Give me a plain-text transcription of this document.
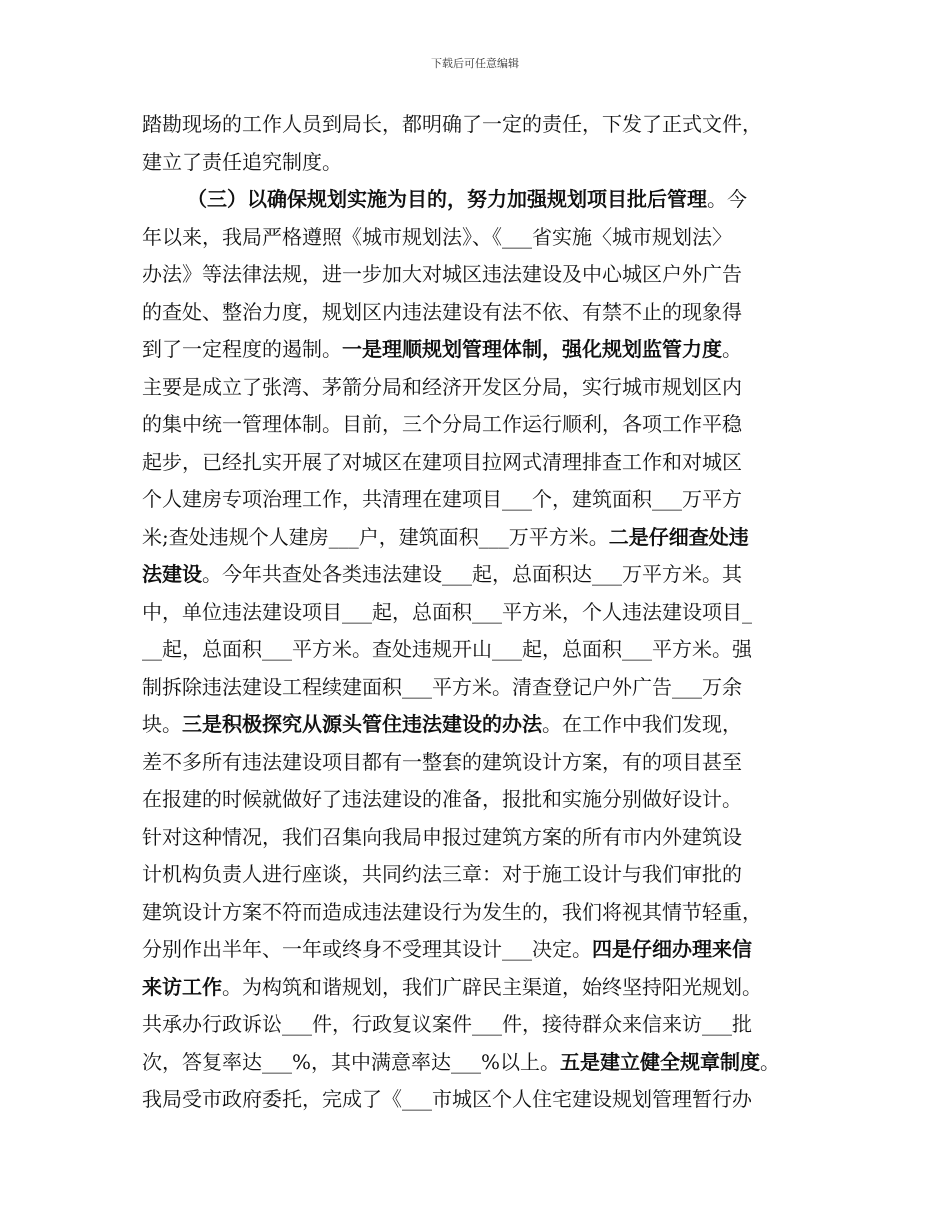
下载后可任意编辑
踏勘现场的工作人员到局长，都明确了一定的责任，下发了正式文件，
建立了责任追究制度。
（三）以确保规划实施为目的，努力加强规划项目批后管理。今
年以来，我局严格遵照《城市规划法》、《___省实施〈城市规划法〉
办法》等法律法规，进一步加大对城区违法建设及中心城区户外广告
的查处、整治力度，规划区内违法建设有法不依、有禁不止的现象得
到了一定程度的遏制。一是理顺规划管理体制，强化规划监管力度。
主要是成立了张湾、茅箭分局和经济开发区分局，实行城市规划区内
的集中统一管理体制。目前，三个分局工作运行顺利，各项工作平稳
起步，已经扎实开展了对城区在建项目拉网式清理排查工作和对城区
个人建房专项治理工作，共清理在建项目___个，建筑面积___万平方
米;查处违规个人建房___户，建筑面积___万平方米。二是仔细查处违
法建设。今年共查处各类违法建设___起，总面积达___万平方米。其
中，单位违法建设项目___起，总面积___平方米，个人违法建设项目_
__起，总面积___平方米。查处违规开山___起，总面积___平方米。强
制拆除违法建设工程续建面积___平方米。清查登记户外广告___万余
块。三是积极探究从源头管住违法建设的办法。在工作中我们发现，
差不多所有违法建设项目都有一整套的建筑设计方案，有的项目甚至
在报建的时候就做好了违法建设的准备，报批和实施分别做好设计。
针对这种情况，我们召集向我局申报过建筑方案的所有市内外建筑设
计机构负责人进行座谈，共同约法三章：对于施工设计与我们审批的
建筑设计方案不符而造成违法建设行为发生的，我们将视其情节轻重，
分别作出半年、一年或终身不受理其设计___决定。四是仔细办理来信
来访工作。为构筑和谐规划，我们广辟民主渠道，始终坚持阳光规划。
共承办行政诉讼___件，行政复议案件___件，接待群众来信来访___批
次，答复率达___%，其中满意率达___%以上。五是建立健全规章制度。
我局受市政府委托，完成了《___市城区个人住宅建设规划管理暂行办
